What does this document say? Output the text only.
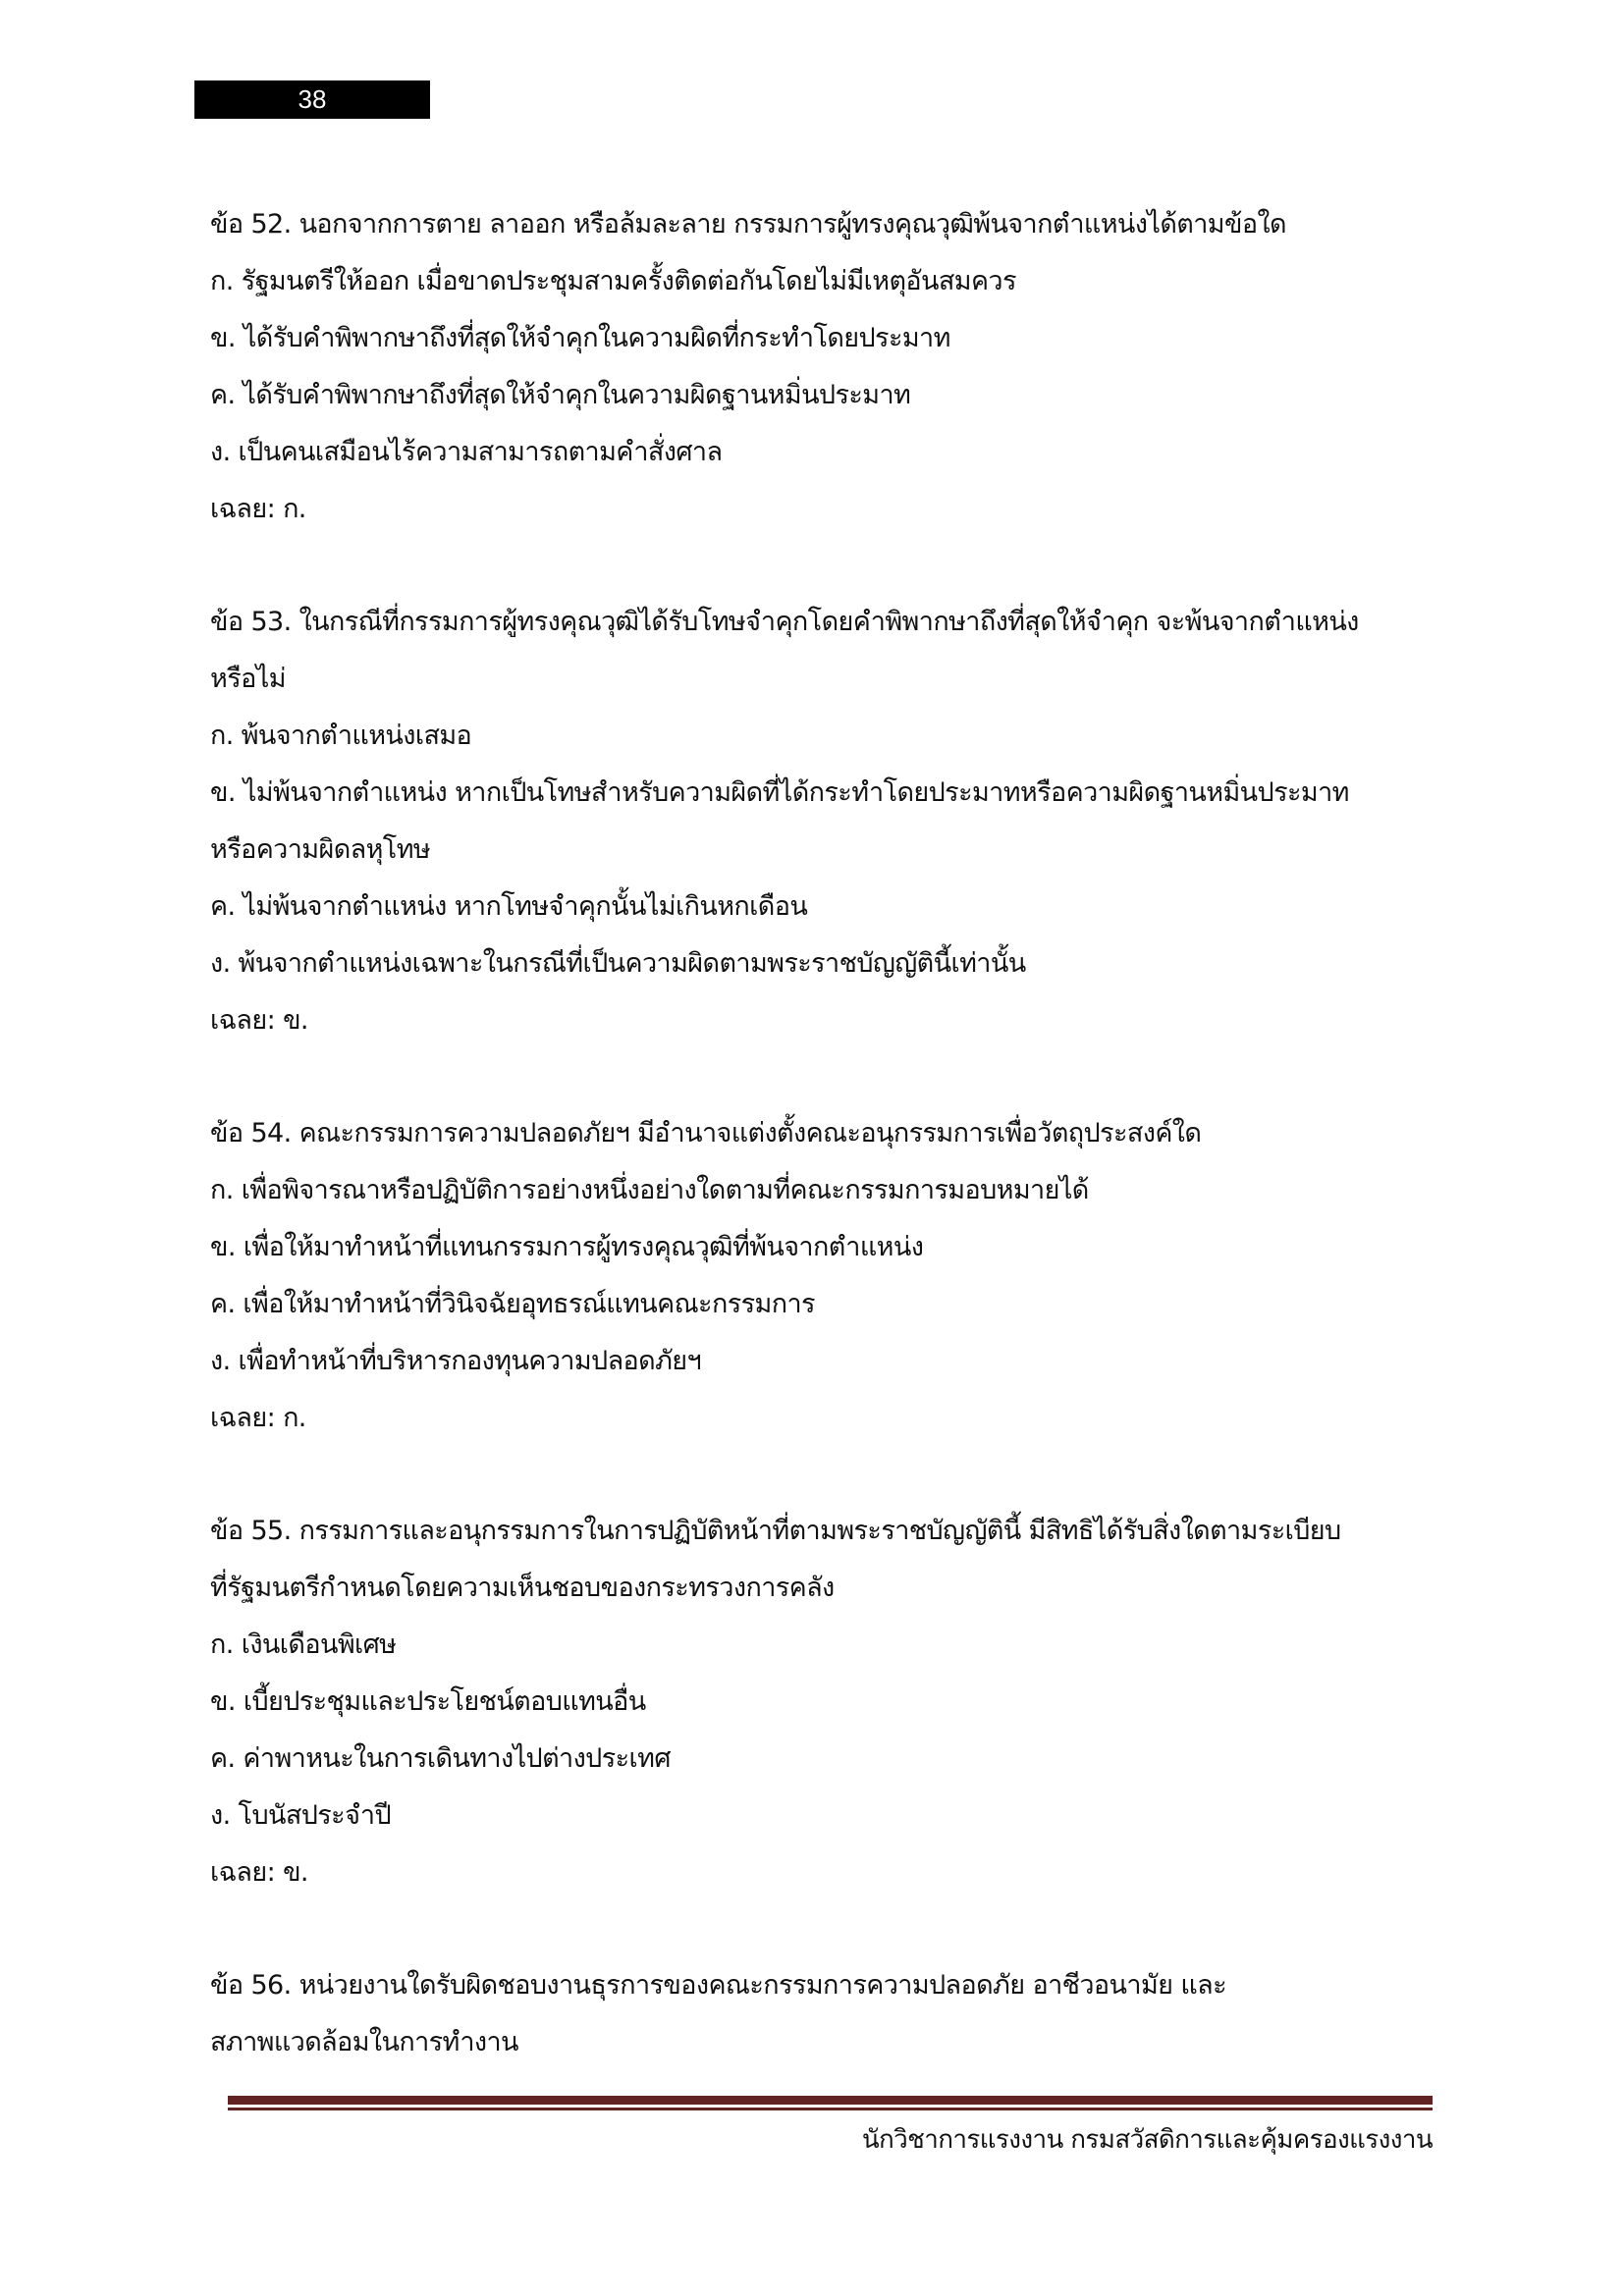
38
ข้อ 52. นอกจากการตาย ลาออก หรือล้มละลาย กรรมการผู้ทรงคุณวุฒิพ้นจากตำแหน่งได้ตามข้อใด
ก. รัฐมนตรีให้ออก เมื่อขาดประชุมสามครั้งติดต่อกันโดยไม่มีเหตุอันสมควร
ข. ได้รับคำพิพากษาถึงที่สุดให้จำคุกในความผิดที่กระทำโดยประมาท
ค. ได้รับคำพิพากษาถึงที่สุดให้จำคุกในความผิดฐานหมิ่นประมาท
ง. เป็นคนเสมือนไร้ความสามารถตามคำสั่งศาล
เฉลย: ก.
ข้อ 53. ในกรณีที่กรรมการผู้ทรงคุณวุฒิได้รับโทษจำคุกโดยคำพิพากษาถึงที่สุดให้จำคุก จะพ้นจากตำแหน่ง
หรือไม่
ก. พ้นจากตำแหน่งเสมอ
ข. ไม่พ้นจากตำแหน่ง หากเป็นโทษสำหรับความผิดที่ได้กระทำโดยประมาทหรือความผิดฐานหมิ่นประมาท
หรือความผิดลหุโทษ
ค. ไม่พ้นจากตำแหน่ง หากโทษจำคุกนั้นไม่เกินหกเดือน
ง. พ้นจากตำแหน่งเฉพาะในกรณีที่เป็นความผิดตามพระราชบัญญัตินี้เท่านั้น
เฉลย: ข.
ข้อ 54. คณะกรรมการความปลอดภัยฯ มีอำนาจแต่งตั้งคณะอนุกรรมการเพื่อวัตถุประสงค์ใด
ก. เพื่อพิจารณาหรือปฏิบัติการอย่างหนึ่งอย่างใดตามที่คณะกรรมการมอบหมายได้
ข. เพื่อให้มาทำหน้าที่แทนกรรมการผู้ทรงคุณวุฒิที่พ้นจากตำแหน่ง
ค. เพื่อให้มาทำหน้าที่วินิจฉัยอุทธรณ์แทนคณะกรรมการ
ง. เพื่อทำหน้าที่บริหารกองทุนความปลอดภัยฯ
เฉลย: ก.
ข้อ 55. กรรมการและอนุกรรมการในการปฏิบัติหน้าที่ตามพระราชบัญญัตินี้ มีสิทธิได้รับสิ่งใดตามระเบียบ
ที่รัฐมนตรีกำหนดโดยความเห็นชอบของกระทรวงการคลัง
ก. เงินเดือนพิเศษ
ข. เบี้ยประชุมและประโยชน์ตอบแทนอื่น
ค. ค่าพาหนะในการเดินทางไปต่างประเทศ
ง. โบนัสประจำปี
เฉลย: ข.
ข้อ 56. หน่วยงานใดรับผิดชอบงานธุรการของคณะกรรมการความปลอดภัย อาชีวอนามัย และ
สภาพแวดล้อมในการทำงาน
นักวิชาการแรงงาน กรมสวัสดิการและคุ้มครองแรงงาน
